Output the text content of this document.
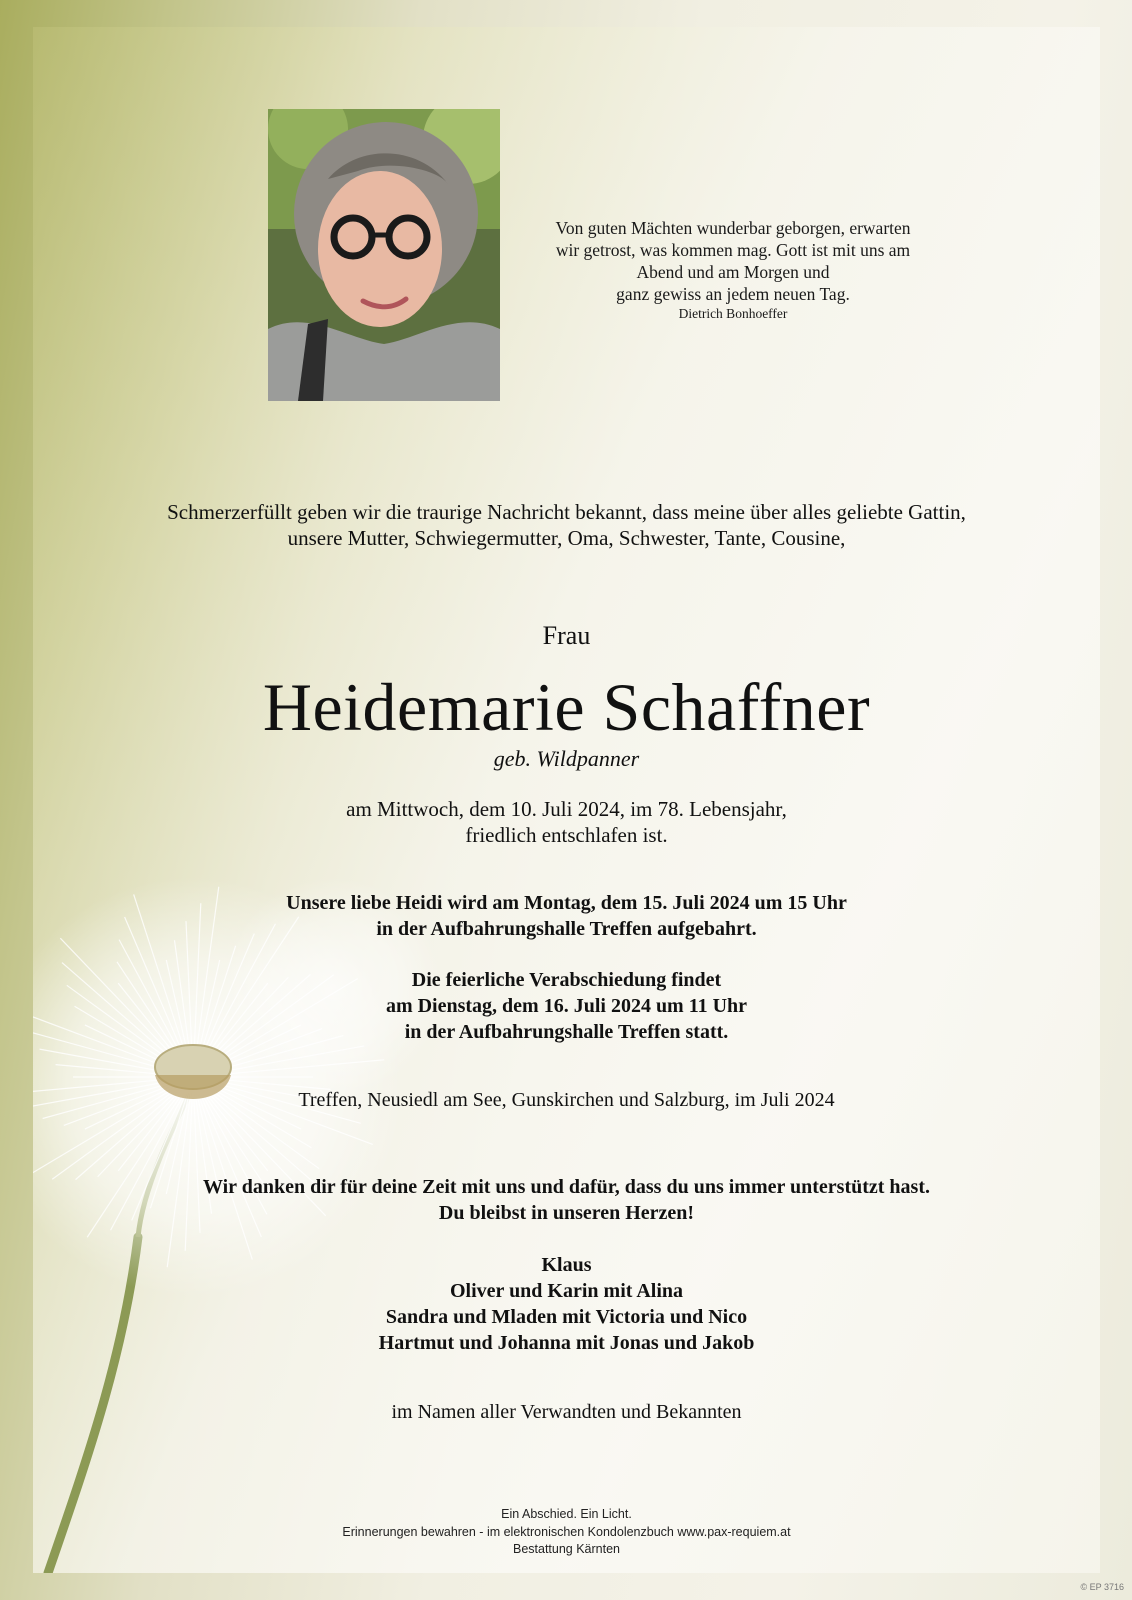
Von guten Mächten wunderbar geborgen, erwarten
wir getrost, was kommen mag. Gott ist mit uns am
Abend und am Morgen und
ganz gewiss an jedem neuen Tag.
Dietrich Bonhoeffer
Schmerzerfüllt geben wir die traurige Nachricht bekannt, dass meine über alles geliebte Gattin,
unsere Mutter, Schwiegermutter, Oma, Schwester, Tante, Cousine,
Frau
Heidemarie Schaffner
geb. Wildpanner
am Mittwoch, dem 10. Juli 2024, im 78. Lebensjahr,
friedlich entschlafen ist.
Unsere liebe Heidi wird am Montag, dem 15. Juli 2024 um 15 Uhr
in der Aufbahrungshalle Treffen aufgebahrt.
Die feierliche Verabschiedung findet
am Dienstag, dem 16. Juli 2024 um 11 Uhr
in der Aufbahrungshalle Treffen statt.
Treffen, Neusiedl am See, Gunskirchen und Salzburg, im Juli 2024
Wir danken dir für deine Zeit mit uns und dafür, dass du uns immer unterstützt hast.
Du bleibst in unseren Herzen!
Klaus
Oliver und Karin mit Alina
Sandra und Mladen mit Victoria und Nico
Hartmut und Johanna mit Jonas und Jakob
im Namen aller Verwandten und Bekannten
Ein Abschied. Ein Licht.
Erinnerungen bewahren - im elektronischen Kondolenzbuch www.pax-requiem.at
Bestattung Kärnten
© EP 3716
